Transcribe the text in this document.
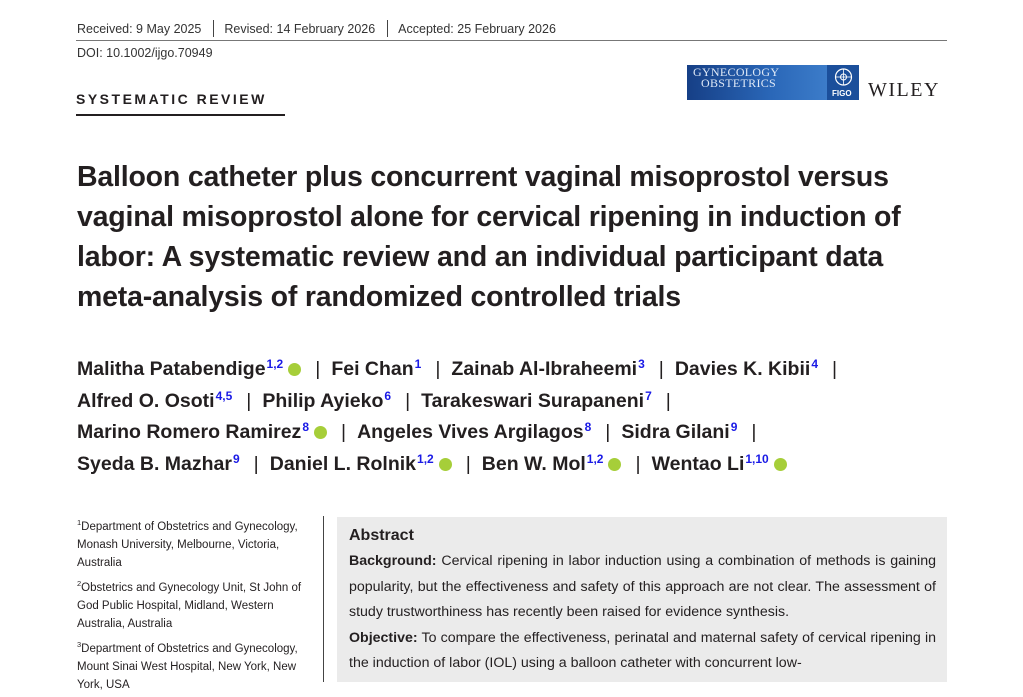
Received: 9 May 2025 Revised: 14 February 2026 Accepted: 25 February 2026
DOI: 10.1002/ijgo.70949
SYSTEMATIC REVIEW
GYNECOLOGY
OBSTETRICS
FIGO WILEY
Balloon catheter plus concurrent vaginal misoprostol versus
vaginal misoprostol alone for cervical ripening in induction of
labor: A systematic review and an individual participant data
meta-analysis of randomized controlled trials
Malitha Patabendige$^{1,2}$ iD | Fei Chan$^1$ | Zainab Al-Ibraheemi$^3$ | Davies K. Kibii$^4$ |
Alfred O. Osoti$^{4,5}$ | Philip Ayieko$^6$ | Tarakeswari Surapaneni$^7$ |
Marino Romero Ramirez$^8$ iD | Angeles Vives Argilagos$^8$ | Sidra Gilani$^9$ |
Syeda B. Mazhar$^9$ | Daniel L. Rolnik$^{1,2}$ iD | Ben W. Mol$^{1,2}$ iD | Wentao Li$^{1,10}$iD
$^1$Department of Obstetrics and Gynecology, Monash University, Melbourne, Victoria, Australia
$^2$Obstetrics and Gynecology Unit, St John of God Public Hospital, Midland, Western Australia, Australia
$^3$Department of Obstetrics and Gynecology, Mount Sinai West Hospital, New York, New York, USA
Abstract

Background: Cervical ripening in labor induction using a combination of methods is gaining popularity, but the effectiveness and safety of this approach are not clear. The assessment of study trustworthiness has recently been raised for evidence synthesis.
Objective: To compare the effectiveness, perinatal and maternal safety of cervical ripening in the induction of labor (IOL) using a balloon catheter with concurrent low-
